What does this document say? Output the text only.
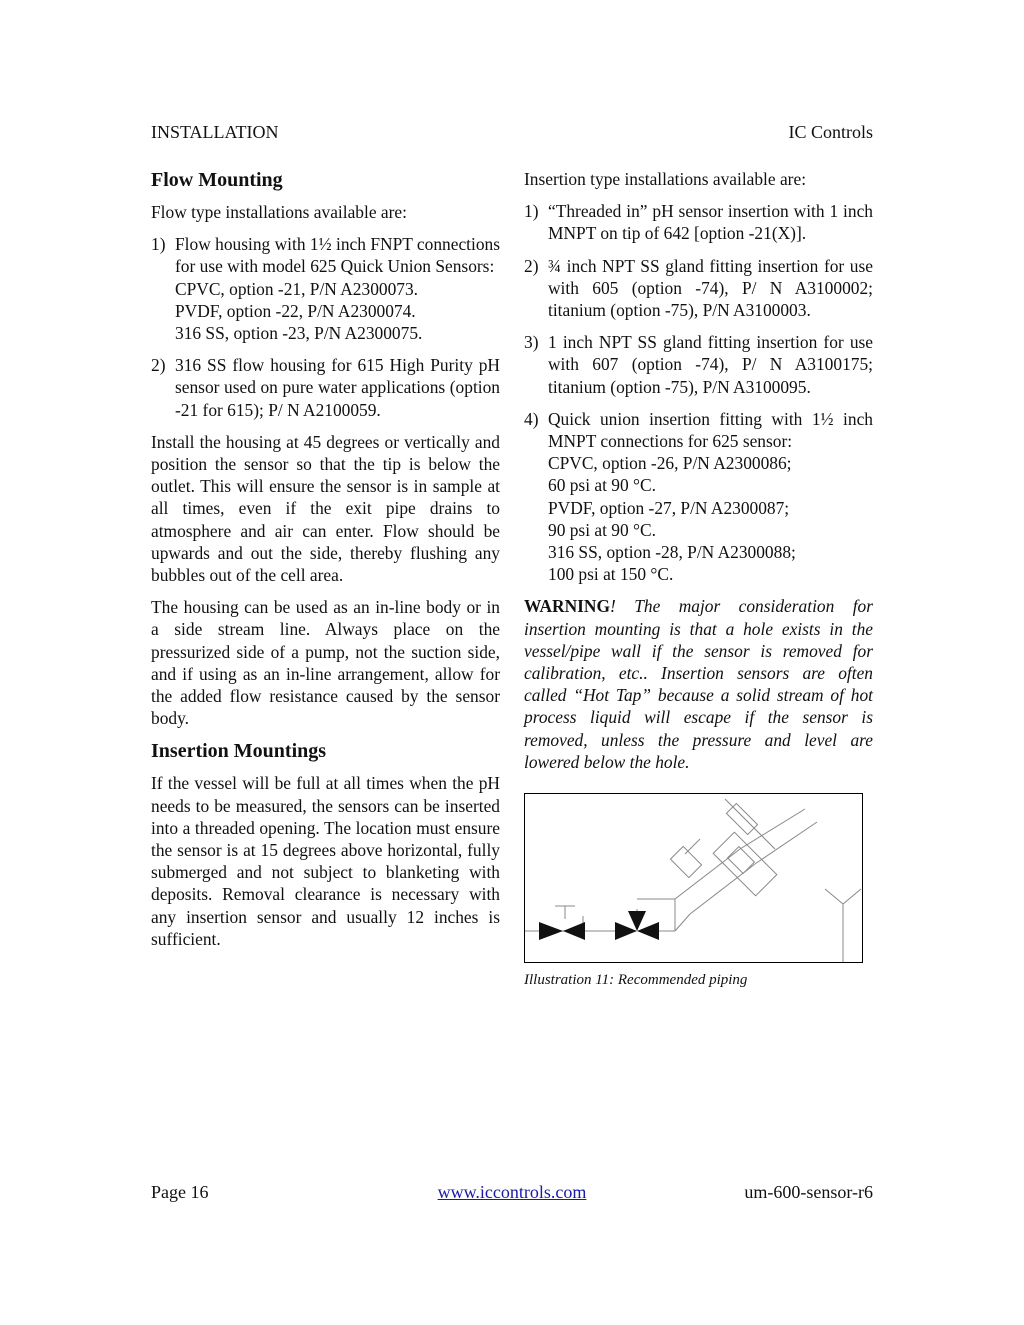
INSTALLATION	IC Controls
Flow Mounting

Flow type installations available are:

1) Flow housing with 1½ inch FNPT connections for use with model 625 Quick Union Sensors:
CPVC, option -21, P/N A2300073.
PVDF, option -22, P/N A2300074.
316 SS, option -23, P/N A2300075.
2) 316 SS flow housing for 615 High Purity pH sensor used on pure water applications (option -21 for 615); P/ N A2100059.

Install the housing at 45 degrees or vertically and position the sensor so that the tip is below the outlet. This will ensure the sensor is in sample at all times, even if the exit pipe drains to atmosphere and air can enter. Flow should be upwards and out the side, thereby flushing any bubbles out of the cell area.

The housing can be used as an in-line body or in a side stream line. Always place on the pressurized side of a pump, not the suction side, and if using as an in-line arrangement, allow for the added flow resistance caused by the sensor body.

Insertion Mountings

If the vessel will be full at all times when the pH needs to be measured, the sensors can be inserted into a threaded opening. The location must ensure the sensor is at 15 degrees above horizontal, fully submerged and not subject to blanketing with deposits. Removal clearance is necessary with any insertion sensor and usually 12 inches is sufficient.

Insertion type installations available are:

1) “Threaded in” pH sensor insertion with 1 inch MNPT on tip of 642 [option -21(X)].
2) ¾ inch NPT SS gland fitting insertion for use with 605 (option -74), P/ N A3100002; titanium (option -75), P/N A3100003.
3) 1 inch NPT SS gland fitting insertion for use with 607 (option -74), P/ N A3100175; titanium (option -75), P/N A3100095.
4) Quick union insertion fitting with 1½ inch MNPT connections for 625 sensor:
CPVC, option -26, P/N A2300086;
60 psi at 90 °C.
PVDF, option -27, P/N A2300087;
90 psi at 90 °C.
316 SS, option -28, P/N A2300088;
100 psi at 150 °C.

WARNING! The major consideration for insertion mounting is that a hole exists in the vessel/pipe wall if the sensor is removed for calibration, etc.. Insertion sensors are often called “Hot Tap” because a solid stream of hot process liquid will escape if the sensor is removed, unless the pressure and level are lowered below the hole.

Illustration 11: Recommended piping
Page 16	www.iccontrols.com	um-600-sensor-r6
